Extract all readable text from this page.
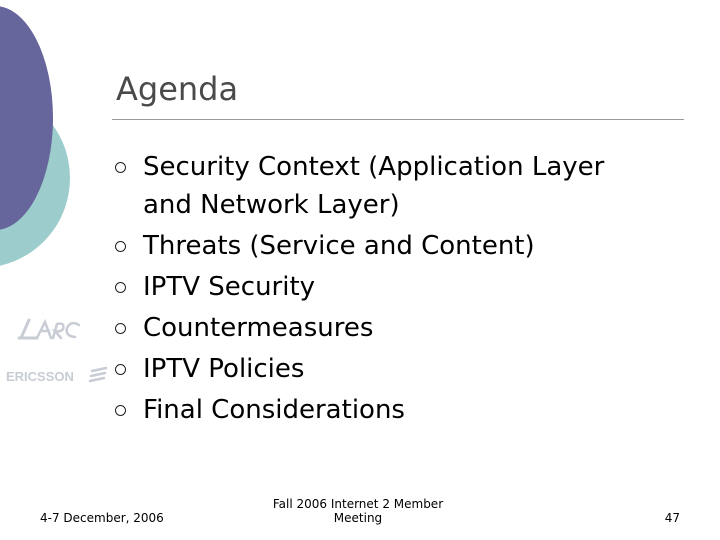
Agenda
Security Context (Application Layer
and Network Layer)
Threats (Service and Content)
IPTV Security
Countermeasures
IPTV Policies
Final Considerations
ERICSSON
4-7 December, 2006
Fall 2006 Internet 2 Member
Meeting	47
